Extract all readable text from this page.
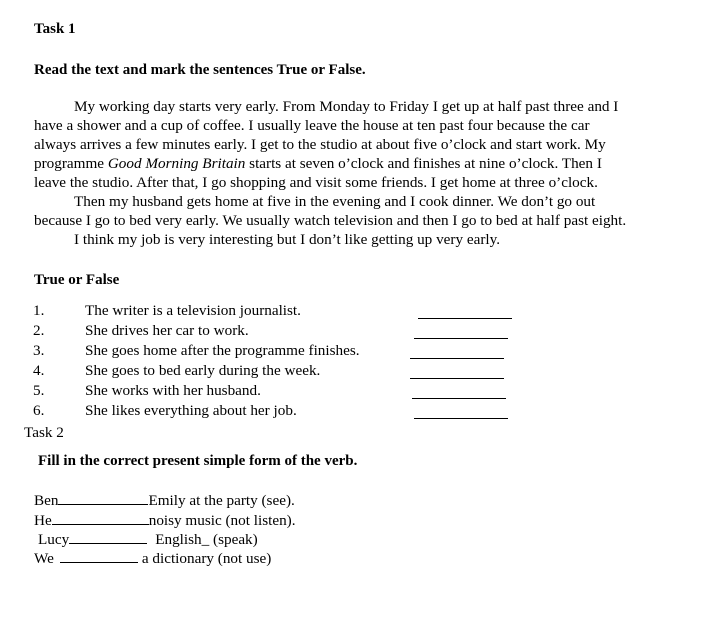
Task 1
Read the text and mark the sentences True or False.
My working day starts very early. From Monday to Friday I get up at half past three and I
have a shower and a cup of coffee. I usually leave the house at ten past four because the car
always arrives a few minutes early. I get to the studio at about five o’clock and start work. My
programme Good Morning Britain starts at seven o’clock and finishes at nine o’clock. Then I
leave the studio. After that, I go shopping and visit some friends. I get home at three o’clock.
Then my husband gets home at five in the evening and I cook dinner. We don’t go out
because I go to bed very early. We usually watch television and then I go to bed at half past eight.
I think my job is very interesting but I don’t like getting up very early.
True or False
1.	The writer is a television journalist.
2.	She drives her car to work.
3.	She goes home after the programme finishes.
4.	She goes to bed early during the week.
5.	She works with her husband.
6.	She likes everything about her job.
Task 2
Fill in the correct present simple form of the verb.
Ben	Emily at the party (see).
He	noisy music (not listen).
Lucy	English_ (speak)
We	a dictionary (not use)
